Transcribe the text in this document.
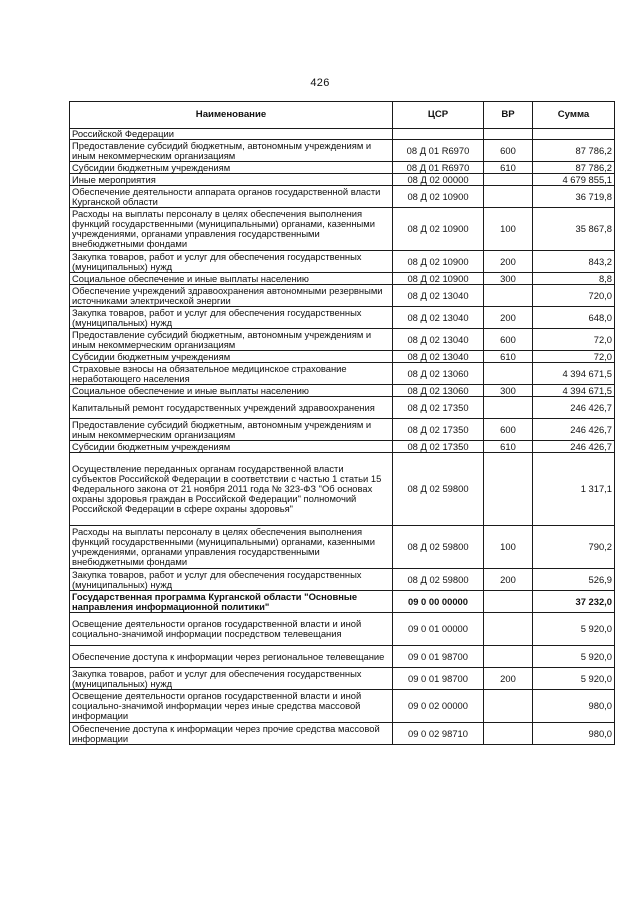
426
Наименование	ЦСР	ВР	Сумма
Российской Федерации			
Предоставление субсидий бюджетным, автономным учреждениям и иным некоммерческим организациям	08 Д 01 R6970	600	87 786,2
Субсидии бюджетным учреждениям	08 Д 01 R6970	610	87 786,2
Иные мероприятия	08 Д 02 00000		4 679 855,1
Обеспечение деятельности аппарата органов государственной власти Курганской области	08 Д 02 10900		36 719,8
Расходы на выплаты персоналу в целях обеспечения выполнения функций государственными (муниципальными) органами, казенными учреждениями, органами управления государственными внебюджетными фондами	08 Д 02 10900	100	35 867,8
Закупка товаров, работ и услуг для обеспечения государственных (муниципальных) нужд	08 Д 02 10900	200	843,2
Социальное обеспечение и иные выплаты населению	08 Д 02 10900	300	8,8
Обеспечение учреждений здравоохранения автономными резервными источниками электрической энергии	08 Д 02 13040		720,0
Закупка товаров, работ и услуг для обеспечения государственных (муниципальных) нужд	08 Д 02 13040	200	648,0
Предоставление субсидий бюджетным, автономным учреждениям и иным некоммерческим организациям	08 Д 02 13040	600	72,0
Субсидии бюджетным учреждениям	08 Д 02 13040	610	72,0
Страховые взносы на обязательное медицинское страхование неработающего населения	08 Д 02 13060		4 394 671,5
Социальное обеспечение и иные выплаты населению	08 Д 02 13060	300	4 394 671,5
Капитальный ремонт государственных учреждений здравоохранения	08 Д 02 17350		246 426,7
Предоставление субсидий бюджетным, автономным учреждениям и иным некоммерческим организациям	08 Д 02 17350	600	246 426,7
Субсидии бюджетным учреждениям	08 Д 02 17350	610	246 426,7
Осуществление переданных органам государственной власти субъектов Российской Федерации в соответствии с частью 1 статьи 15 Федерального закона от 21 ноября 2011 года № 323-ФЗ "Об основах охраны здоровья граждан в Российской Федерации" полномочий Российской Федерации в сфере охраны здоровья"	08 Д 02 59800		1 317,1
Расходы на выплаты персоналу в целях обеспечения выполнения функций государственными (муниципальными) органами, казенными учреждениями, органами управления государственными внебюджетными фондами	08 Д 02 59800	100	790,2
Закупка товаров, работ и услуг для обеспечения государственных (муниципальных) нужд	08 Д 02 59800	200	526,9
Государственная программа Курганской области "Основные направления информационной политики"	09 0 00 00000		37 232,0
Освещение деятельности органов государственной власти и иной социально-значимой информации посредством телевещания	09 0 01 00000		5 920,0
Обеспечение доступа к информации через региональное телевещание	09 0 01 98700		5 920,0
Закупка товаров, работ и услуг для обеспечения государственных (муниципальных) нужд	09 0 01 98700	200	5 920,0
Освещение деятельности органов государственной власти и иной социально-значимой информации через иные средства массовой информации	09 0 02 00000		980,0
Обеспечение доступа к информации через прочие средства массовой информации	09 0 02 98710		980,0
